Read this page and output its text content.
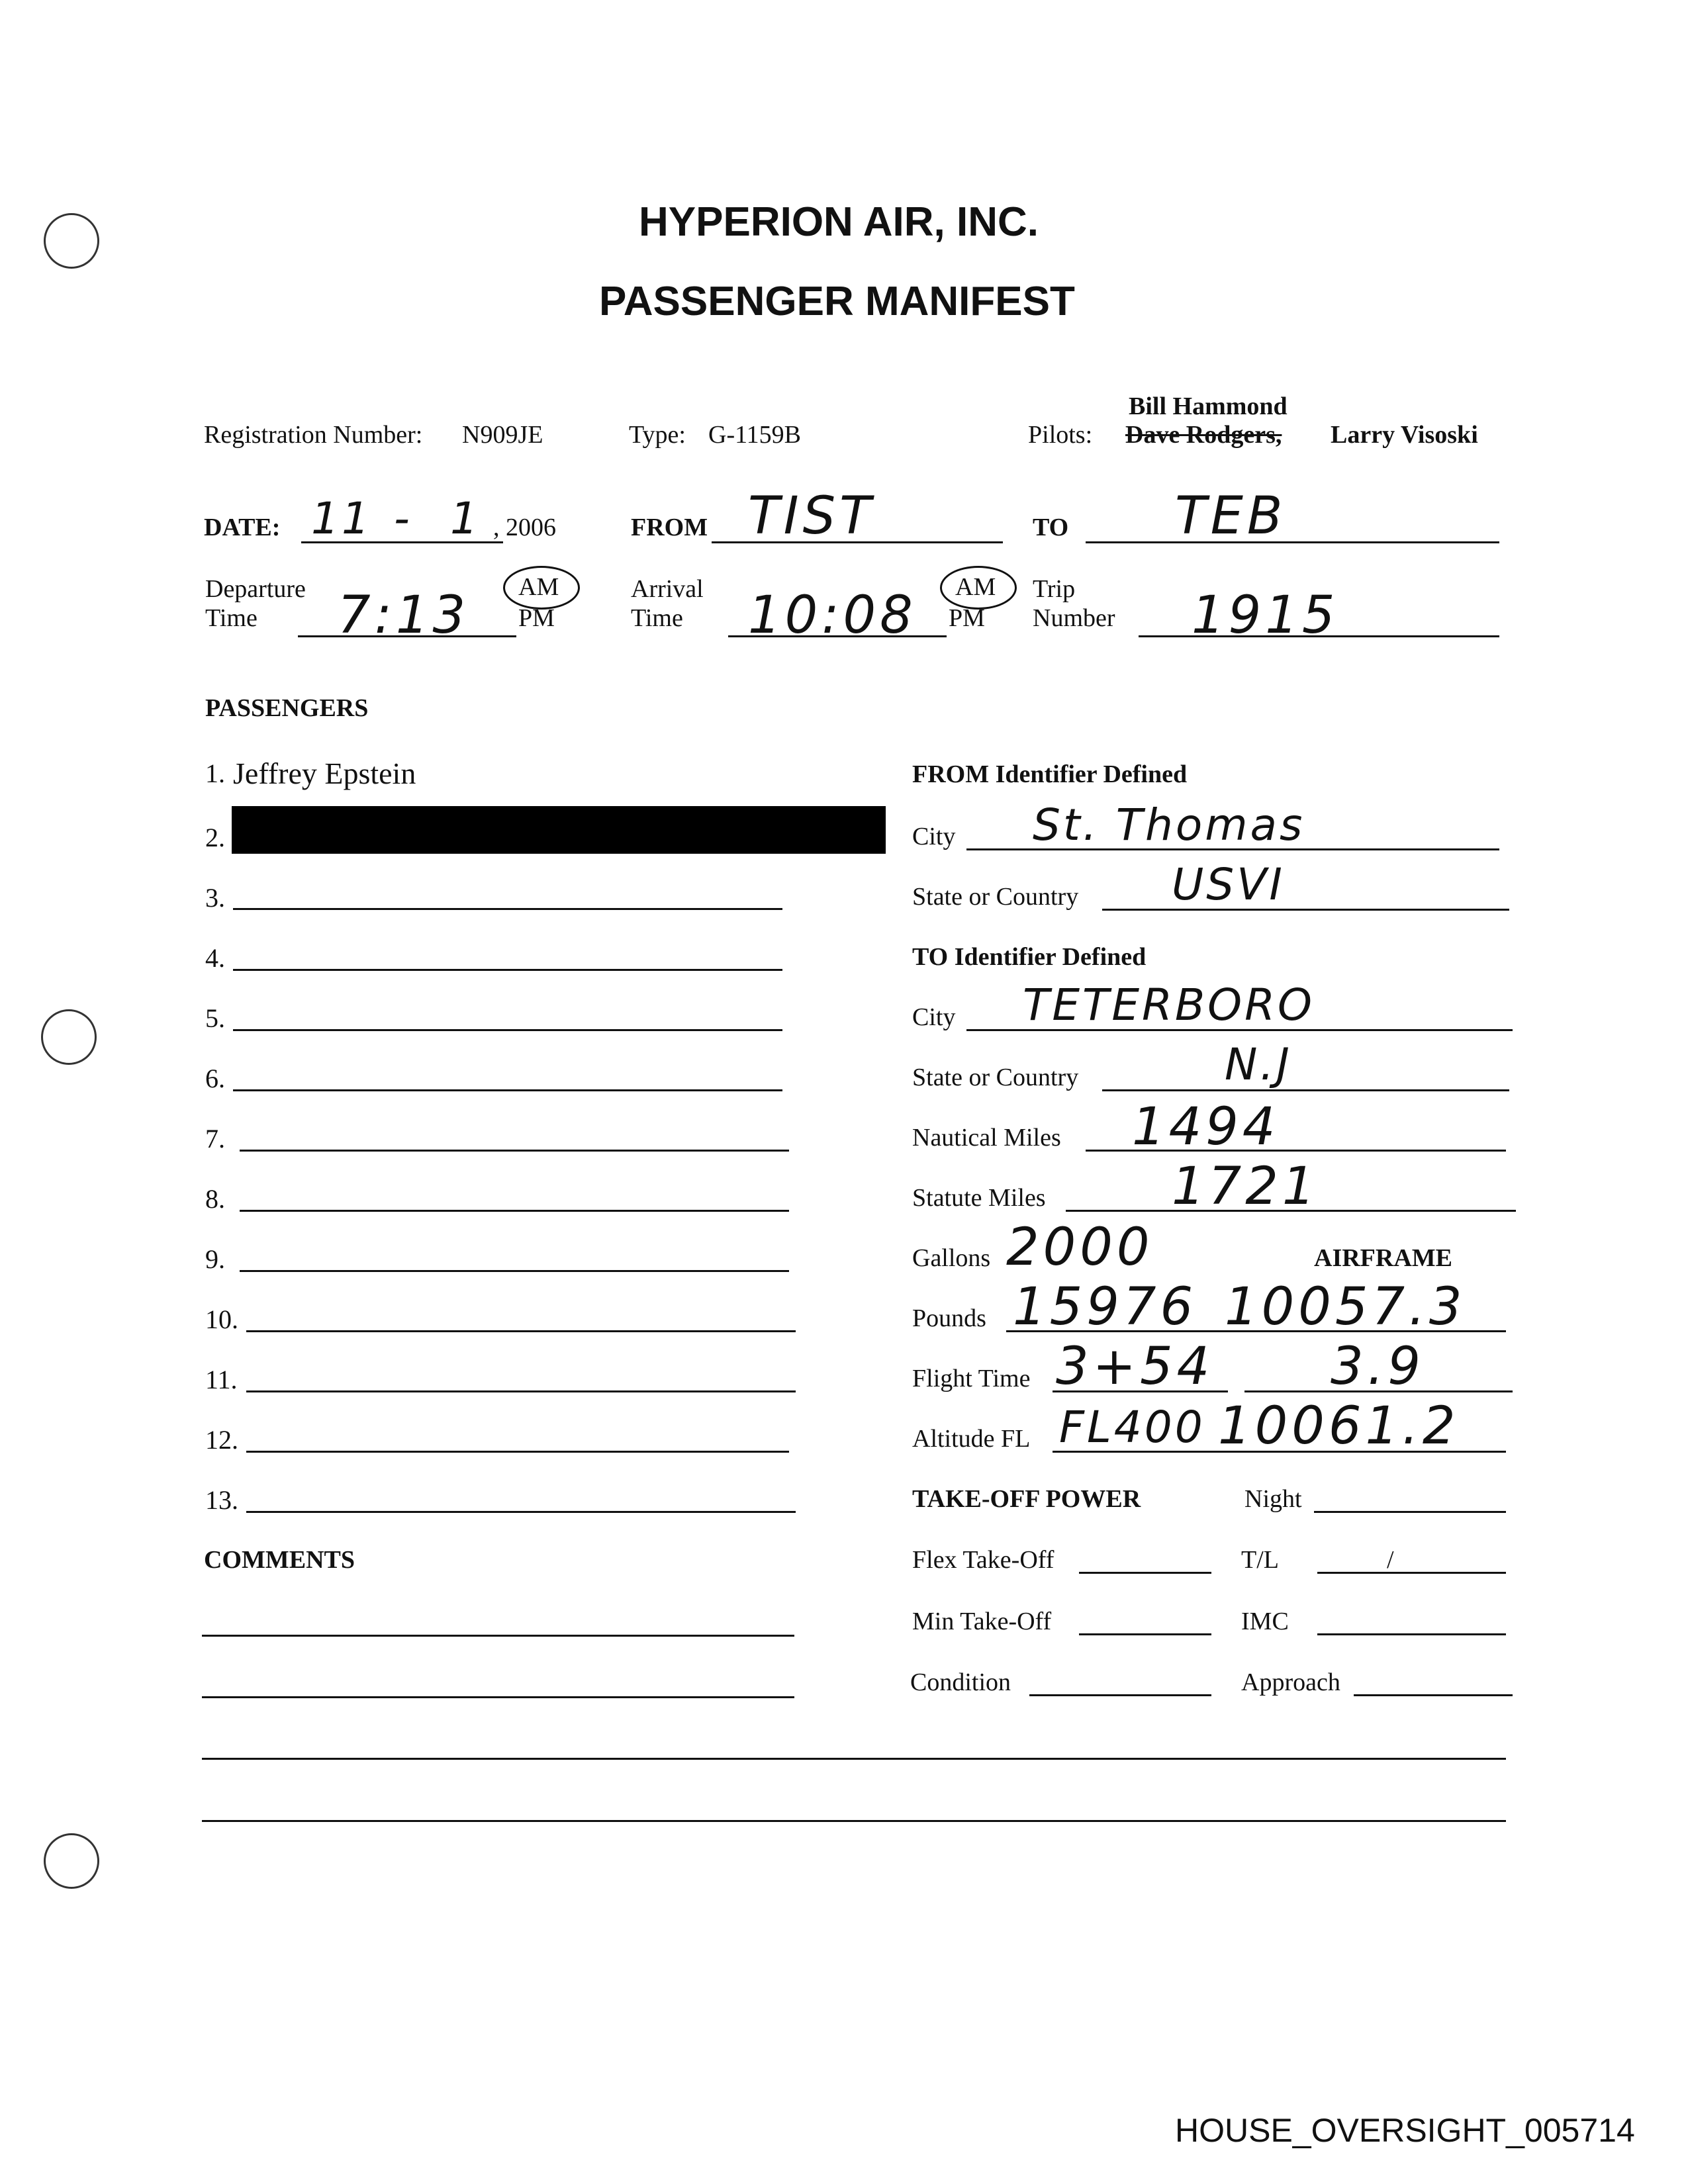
HYPERION AIR, INC.
PASSENGER MANIFEST
Registration Number: N909JE	Type: G-1159B
Bill Hammond
Pilots: Dave Rodgers, Larry Visoski
DATE: 11 - 1 , 2006	FROM TIST	TO TEB
Departure
Time 7:13 AM
PM
Arrival
Time 10:08 AM
PM
Trip
Number 1915
PASSENGERS
1. Jeffrey Epstein
2.
3.
4.
5.
6.
7.
8.
9.
10.
11.
12.
13.
COMMENTS
FROM Identifier Defined
City St. Thomas
State or Country USVI
TO Identifier Defined
City TETERBORO
State or Country	N.J
Nautical Miles 1494
Statute Miles 1721
Gallons 2000	AIRFRAME
Pounds 15976 10057.3
Flight Time 3+54 3.9
Altitude FL FL400 10061.2
TAKE-OFF POWER	Night
Flex Take-Off	T/L	/
Min Take-Off	IMC
Condition	Approach
HOUSE_OVERSIGHT_005714
